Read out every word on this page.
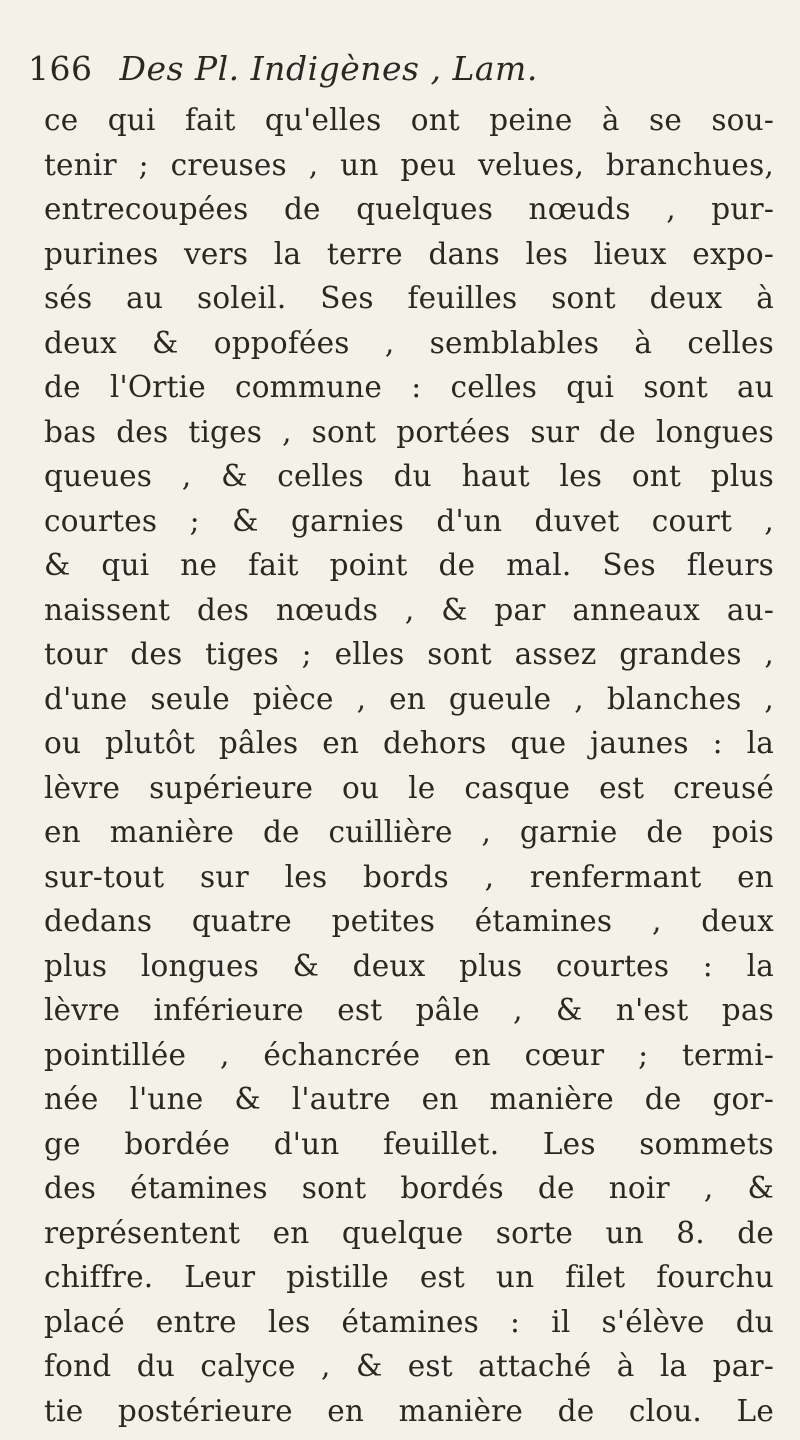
166 Des Pl. Indigènes , Lam.
ce qui fait qu'elles ont peine à se sou-
tenir ; creuses , un peu velues, branchues,
entrecoupées de quelques nœuds , pur-
purines vers la terre dans les lieux expo-
sés au soleil. Ses feuilles sont deux à
deux & oppofées , semblables à celles
de l'Ortie commune : celles qui sont au
bas des tiges , sont portées sur de longues
queues , & celles du haut les ont plus
courtes ; & garnies d'un duvet court ,
& qui ne fait point de mal. Ses fleurs
naissent des nœuds , & par anneaux au-
tour des tiges ; elles sont assez grandes ,
d'une seule pièce , en gueule , blanches ,
ou plutôt pâles en dehors que jaunes : la
lèvre supérieure ou le casque est creusé
en manière de cuillière , garnie de pois
sur-tout sur les bords , renfermant en
dedans quatre petites étamines , deux
plus longues & deux plus courtes : la
lèvre inférieure est pâle , & n'est pas
pointillée , échancrée en cœur ; termi-
née l'une & l'autre en manière de gor-
ge bordée d'un feuillet. Les sommets
des étamines sont bordés de noir , &
représentent en quelque sorte un 8. de
chiffre. Leur pistille est un filet fourchu
placé entre les étamines : il s'élève du
fond du calyce , & est attaché à la par-
tie postérieure en manière de clou. Le
